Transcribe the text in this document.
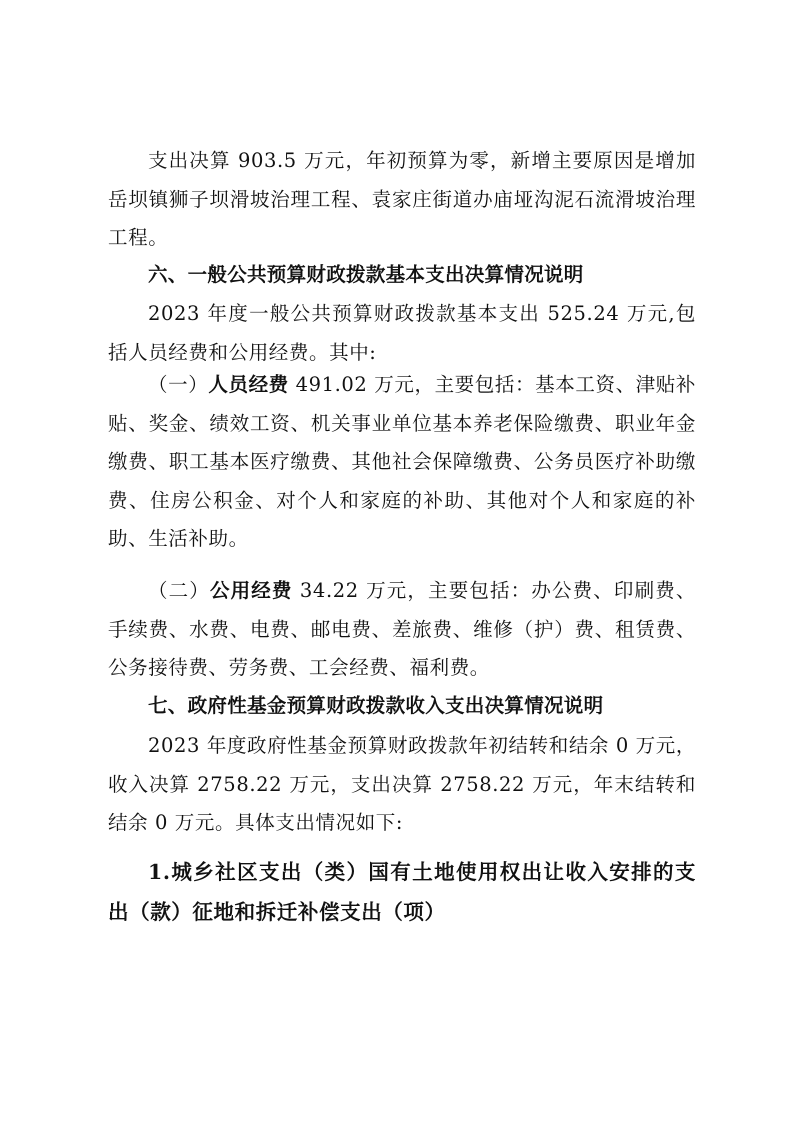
支出决算 903.5 万元，年初预算为零，新增主要原因是增加岳坝镇狮子坝滑坡治理工程、袁家庄街道办庙垭沟泥石流滑坡治理工程。

六、一般公共预算财政拨款基本支出决算情况说明

2023 年度一般公共预算财政拨款基本支出 525.24 万元,包括人员经费和公用经费。其中:

（一）人员经费 491.02 万元，主要包括：基本工资、津贴补贴、奖金、绩效工资、机关事业单位基本养老保险缴费、职业年金缴费、职工基本医疗缴费、其他社会保障缴费、公务员医疗补助缴费、住房公积金、对个人和家庭的补助、其他对个人和家庭的补助、生活补助。

（二）公用经费 34.22 万元，主要包括：办公费、印刷费、手续费、水费、电费、邮电费、差旅费、维修（护）费、租赁费、公务接待费、劳务费、工会经费、福利费。

七、政府性基金预算财政拨款收入支出决算情况说明

2023 年度政府性基金预算财政拨款年初结转和结余 0 万元，收入决算 2758.22 万元，支出决算 2758.22 万元，年末结转和结余 0 万元。具体支出情况如下:

1.城乡社区支出（类）国有土地使用权出让收入安排的支出（款）征地和拆迁补偿支出（项）
